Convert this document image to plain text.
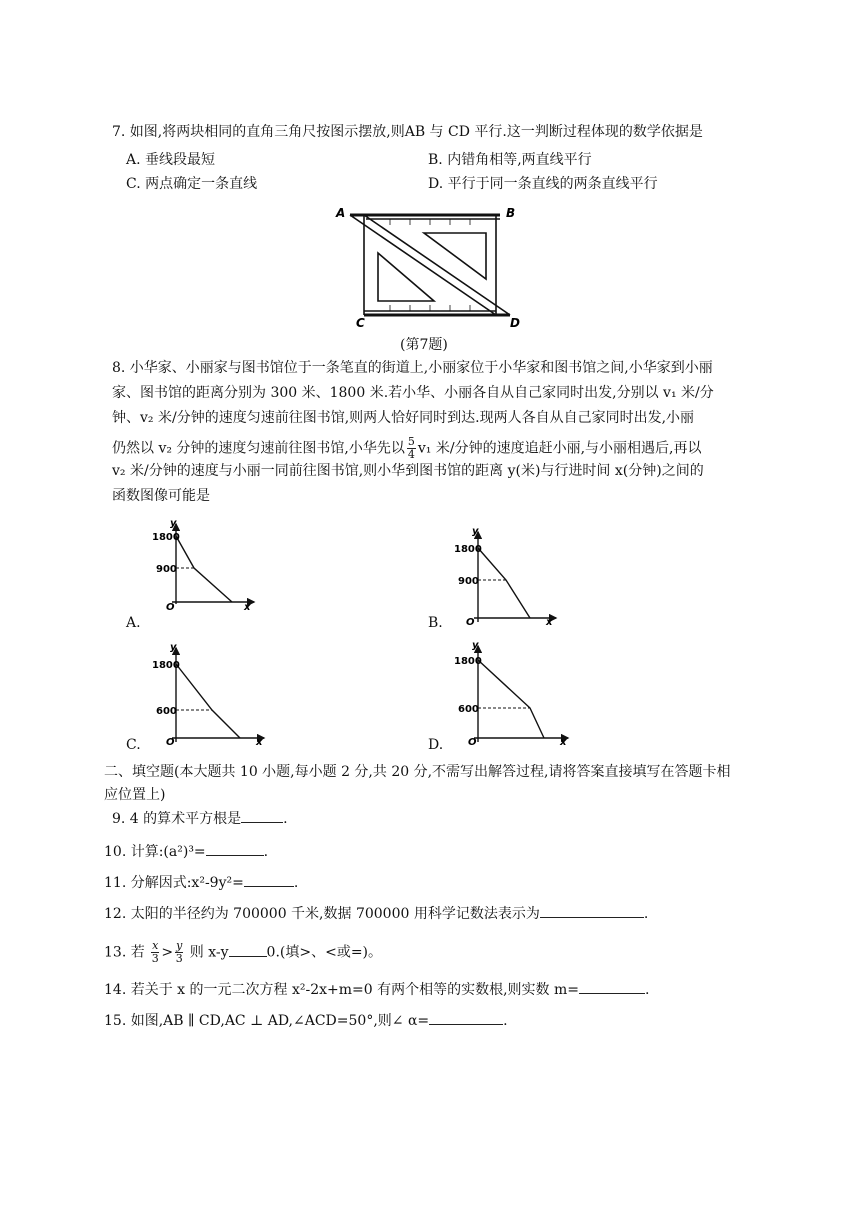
7. 如图,将两块相同的直角三角尺按图示摆放,则AB 与 CD 平行.这一判断过程体现的数学依据是
A. 垂线段最短	B. 内错角相等,两直线平行
C. 两点确定一条直线	D. 平行于同一条直线的两条直线平行
A	B
C	D
(第7题)
8. 小华家、小丽家与图书馆位于一条笔直的街道上,小丽家位于小华家和图书馆之间,小华家到小丽
家、图书馆的距离分别为 300 米、1800 米.若小华、小丽各自从自己家同时出发,分别以 v₁ 米/分
钟、v₂ 米/分钟的速度匀速前往图书馆,则两人恰好同时到达.现两人各自从自己家同时出发,小丽
仍然以 v₂ 分钟的速度匀速前往图书馆,小华先以 $\frac{5}{4} v_1$ 米/分钟的速度追赶小丽,与小丽相遇后,再以
v₂ 米/分钟的速度与小丽一同前往图书馆,则小华到图书馆的距离 y(米)与行进时间 x(分钟)之间的
函数图像可能是
1800
900
y
x
O
A.
1800
900
y
x
O
B.
1800
600
y
x
O
C.
1800
600
y
x
O
D.
二、填空题(本大题共 10 小题,每小题 2 分,共 20 分,不需写出解答过程,请将答案直接填写在答题卡相
应位置上)
9. 4 的算术平方根是	.
10. 计算:(a²)³=	.
11. 分解因式:x²-9y²=	.
12. 太阳的半径约为 700000 千米,数据 700000 用科学记数法表示为	.
13. 若 $\frac{x}{3} > \frac{y}{3}$ 则 x-y	0.(填>、<或=)。
14. 若关于 x 的一元二次方程 x²-2x+m=0 有两个相等的实数根,则实数 m=	.
15. 如图,AB ∥ CD,AC ⊥ AD,∠ACD=50°,则∠ α=	.
